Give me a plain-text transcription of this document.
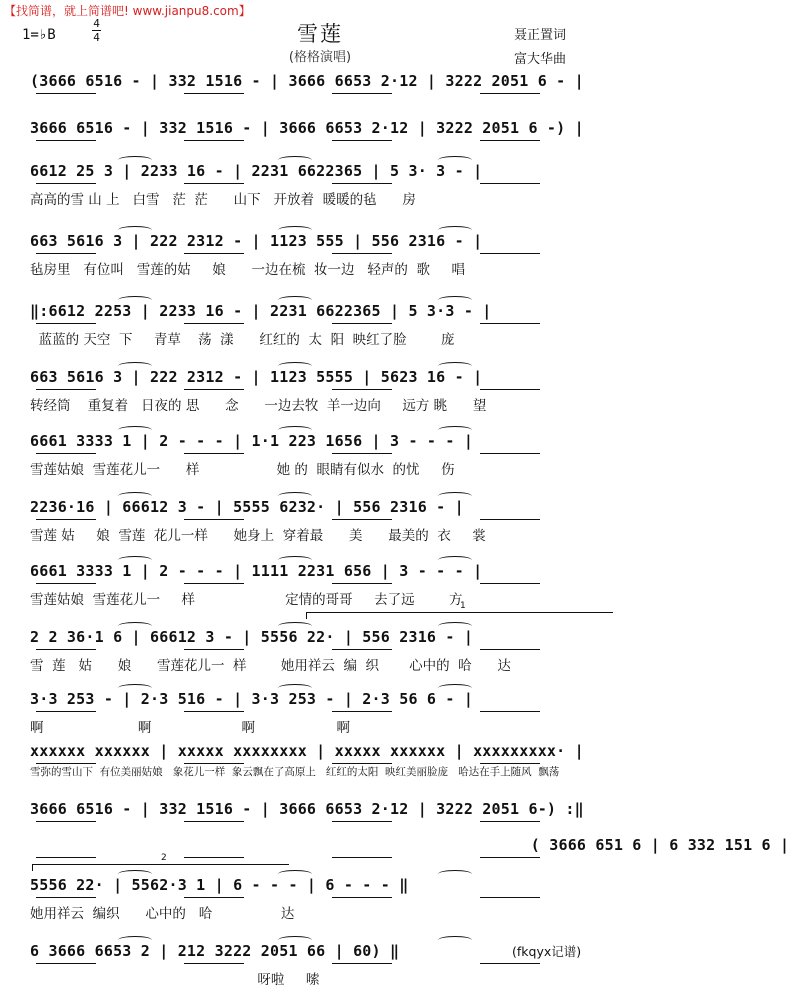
【找简谱，就上简谱吧! www.jianpu8.com】
1=♭B
4
4	雪莲
(格格演唱)
聂正置词
富大华曲
(3666 6516 - | 332 1516 - | 3666 6653 2·12 | 3222 2051 6 - |
3666 6516 - | 332 1516 - | 3666 6653 2·12 | 3222 2051 6 -) |
6612 25 3 | 2233 16 - | 2231 6622365 | 5 3· 3 - |
高高的雪 山 上   白雪   茫  茫      山下   开放着  暖暖的毡      房
663 5616 3 | 222 2312 - | 1123 555 | 556 2316 - |
毡房里   有位叫   雪莲的姑     娘      一边在梳  妆一边   轻声的  歌     唱
‖:6612 2253 | 2233 16 - | 2231 6622365 | 5 3·3 - |
蓝蓝的 天空  下     青草    荡  漾      红红的  太  阳  映红了脸        庞
663 5616 3 | 222 2312 - | 1123 5555 | 5623 16 - |
转经筒    重复着   日夜的 思      念      一边去牧  羊一边向     远方 眺      望
6661 3333 1 | 2 - - - | 1·1 223 1656 | 3 - - - |
雪莲姑娘  雪莲花儿一      样                  她 的  眼睛有似水  的忧     伤
2236·16 | 66612 3 - | 5555 6232· | 556 2316 - |
雪莲 姑     娘  雪莲  花儿一样      她身上  穿着最      美      最美的  衣     裳
6661 3333 1 | 2 - - - | 1111 2231 656 | 3 - - - |
雪莲姑娘  雪莲花儿一     样                     定情的哥哥     去了远        方
2 2 36·1 6 | 66612 3 - | 5556 22· | 556 2316 - |
雪  莲   姑      娘      雪莲花儿一  样        她用祥云  编  织       心中的  哈      达
3·3 253 - | 2·3 516 - | 3·3 253 - | 2·3 56 6 - |
啊                      啊                     啊                   啊
xxxxxx xxxxxx | xxxxx xxxxxxxx | xxxxx xxxxxx | xxxxxxxxx· |
雪弥的雪山下  有位美丽姑娘   象花儿一样  象云飘在了高原上   红红的太阳  映红美丽脸庞   哈达在手上随风  飘荡
3666 6516 - | 332 1516 - | 3666 6653 2·12 | 3222 2051 6-) :‖
( 3666 651 6 | 6 332 151 6 |
5556 22· | 5562·3 1 | 6 - - - | 6 - - - ‖
她用祥云  编织      心中的   哈                达
6 3666 6653 2 | 212 3222 2051 66 | 60) ‖
呀啦     嗦
1
2
(fkqyx记谱)
